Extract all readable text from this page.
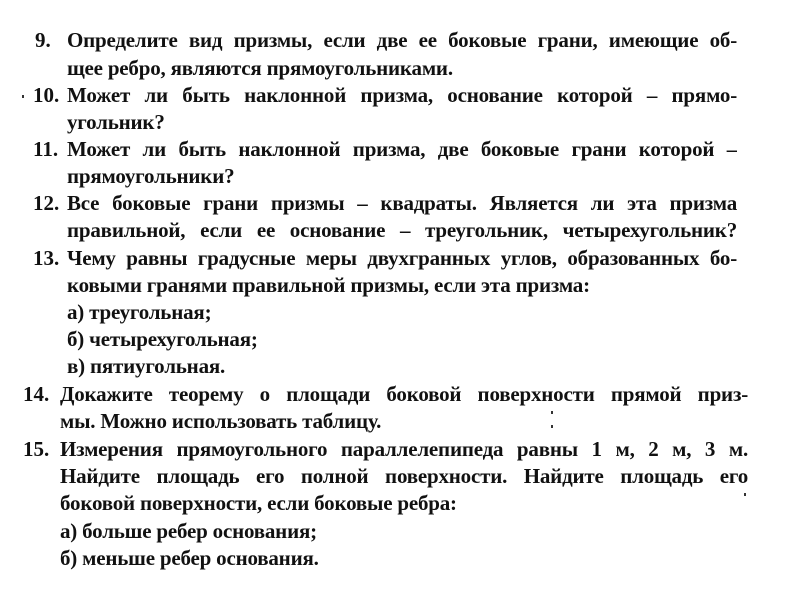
9. Определите вид призмы, если две ее боковые грани, имеющие об-
щее ребро, являются прямоугольниками.
10. Может ли быть наклонной призма, основание которой – прямо-
угольник?
11. Может ли быть наклонной призма, две боковые грани которой –
прямоугольники?
12. Все боковые грани призмы – квадраты. Является ли эта призма
правильной, если ее основание – треугольник, четырехугольник?
13. Чему равны градусные меры двухгранных углов, образованных бо-
ковыми гранями правильной призмы, если эта призма:
а) треугольная;
б) четырехугольная;
в) пятиугольная.
14. Докажите теорему о площади боковой поверхности прямой приз-
мы. Можно использовать таблицу.
15. Измерения прямоугольного параллелепипеда равны 1 м, 2 м, 3 м.
Найдите площадь его полной поверхности. Найдите площадь его
боковой поверхности, если боковые ребра:
а) больше ребер основания;
б) меньше ребер основания.
